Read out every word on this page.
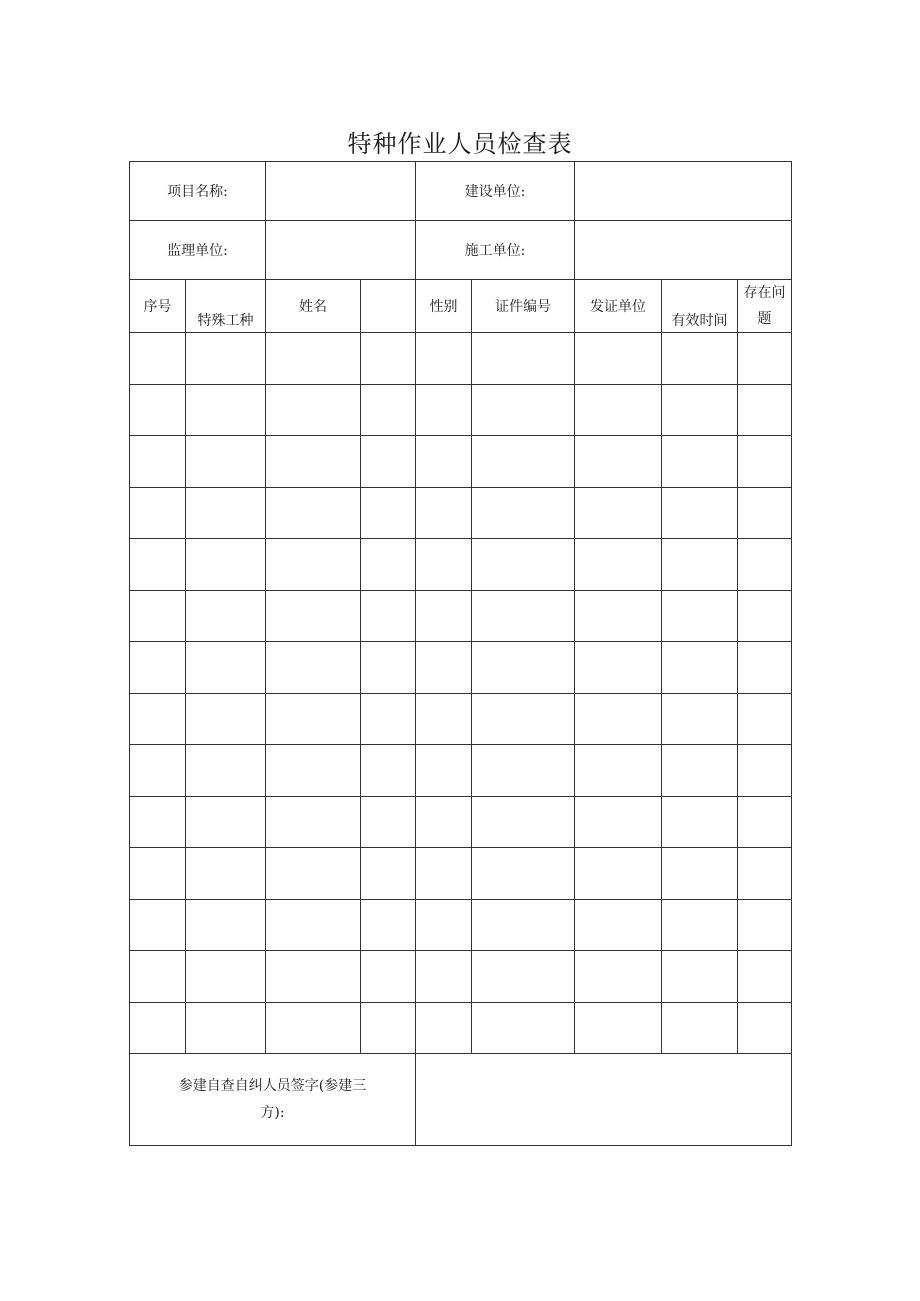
特种作业人员检查表
项目名称:				建设单位:				
监理单位:				施工单位:				
序号	特殊工种	姓名		性别	证件编号	发证单位	有效时间	存在问
题

参建自查自纠人员签字(参建三
方):								
